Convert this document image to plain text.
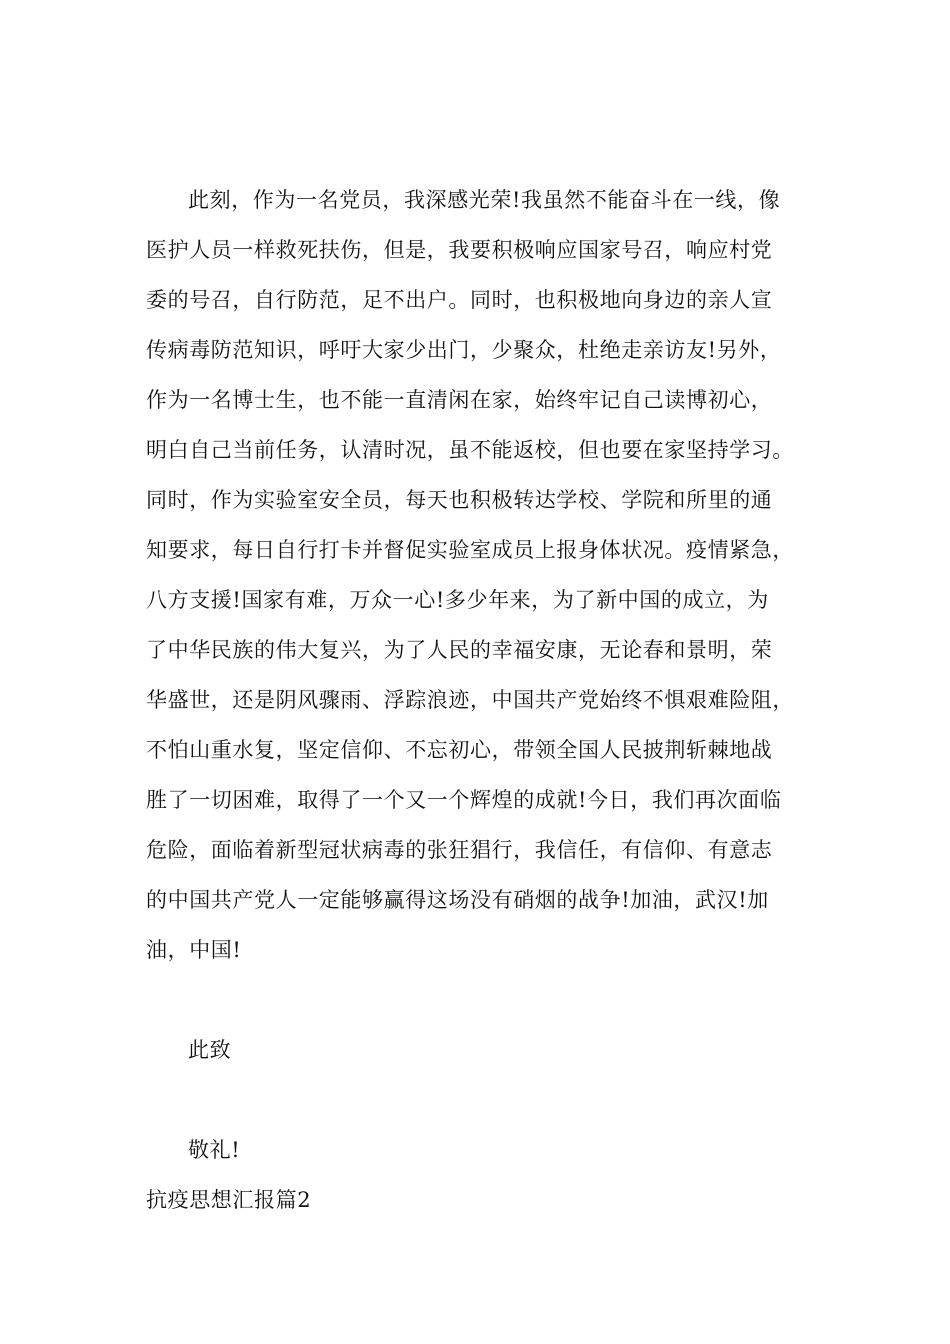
此刻，作为一名党员，我深感光荣!我虽然不能奋斗在一线，像
医护人员一样救死扶伤，但是，我要积极响应国家号召，响应村党
委的号召，自行防范，足不出户。同时，也积极地向身边的亲人宣
传病毒防范知识，呼吁大家少出门，少聚众，杜绝走亲访友!另外，
作为一名博士生，也不能一直清闲在家，始终牢记自己读博初心，
明白自己当前任务，认清时况，虽不能返校，但也要在家坚持学习。
同时，作为实验室安全员，每天也积极转达学校、学院和所里的通
知要求，每日自行打卡并督促实验室成员上报身体状况。疫情紧急，
八方支援!国家有难，万众一心!多少年来，为了新中国的成立，为
了中华民族的伟大复兴，为了人民的幸福安康，无论春和景明，荣
华盛世，还是阴风骤雨、浮踪浪迹，中国共产党始终不惧艰难险阻，
不怕山重水复，坚定信仰、不忘初心，带领全国人民披荆斩棘地战
胜了一切困难，取得了一个又一个辉煌的成就!今日，我们再次面临
危险，面临着新型冠状病毒的张狂猖行，我信任，有信仰、有意志
的中国共产党人一定能够赢得这场没有硝烟的战争!加油，武汉!加
油，中国!
此致
敬礼!
抗疫思想汇报篇2
